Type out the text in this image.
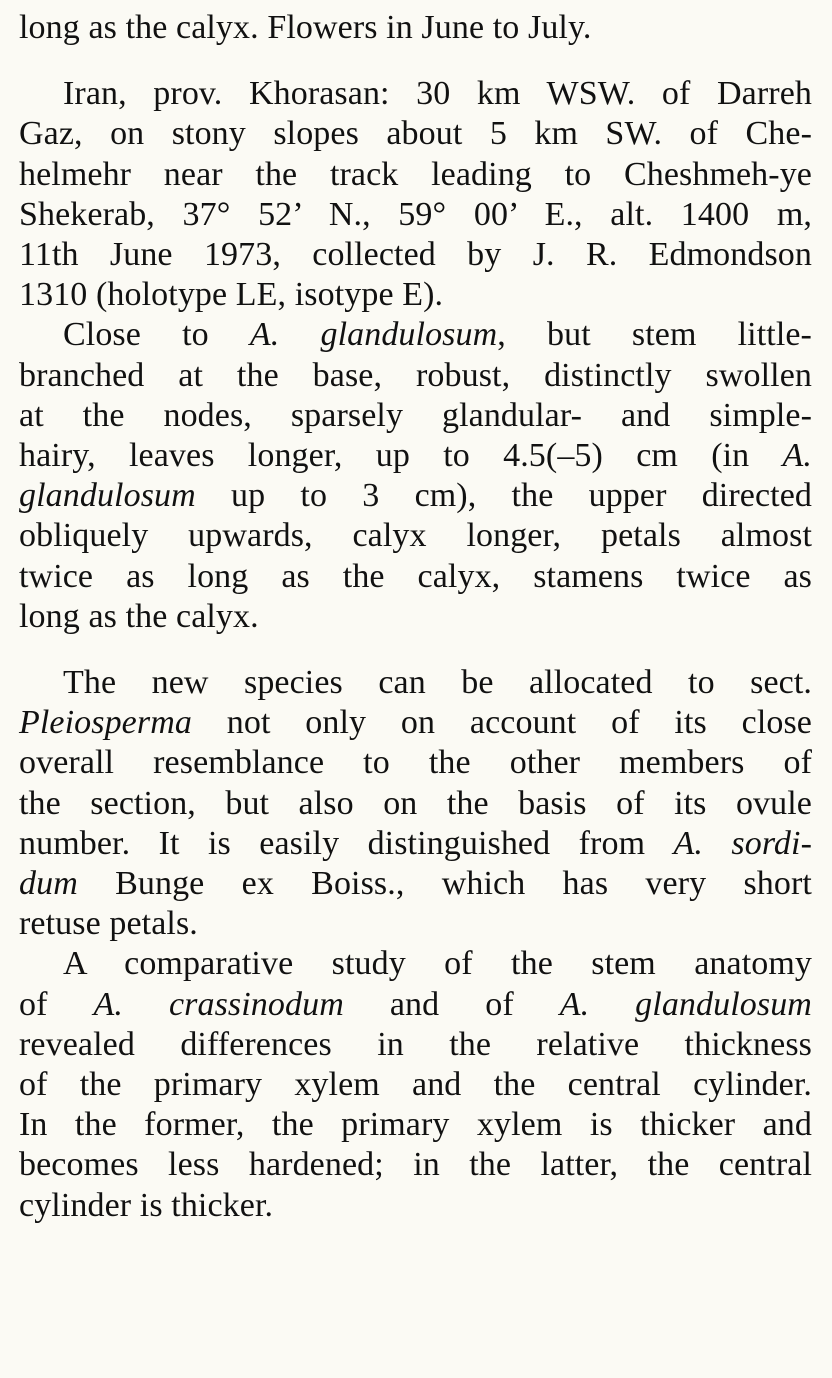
long as the calyx. Flowers in June to July.
Iran, prov. Khorasan: 30 km WSW. of Darreh
Gaz, on stony slopes about 5 km SW. of Che-
helmehr near the track leading to Cheshmeh-ye
Shekerab, 37° 52’ N., 59° 00’ E., alt. 1400 m,
11th June 1973, collected by J. R. Edmondson
1310 (holotype LE, isotype E).
Close to A. glandulosum, but stem little-
branched at the base, robust, distinctly swollen
at the nodes, sparsely glandular- and simple-
hairy, leaves longer, up to 4.5(–5) cm (in A.
glandulosum up to 3 cm), the upper directed
obliquely upwards, calyx longer, petals almost
twice as long as the calyx, stamens twice as
long as the calyx.
The new species can be allocated to sect.
Pleiosperma not only on account of its close
overall resemblance to the other members of
the section, but also on the basis of its ovule
number. It is easily distinguished from A. sordi-
dum Bunge ex Boiss., which has very short
retuse petals.
A comparative study of the stem anatomy
of A. crassinodum and of A. glandulosum
revealed differences in the relative thickness
of the primary xylem and the central cylinder.
In the former, the primary xylem is thicker and
becomes less hardened; in the latter, the central
cylinder is thicker.
